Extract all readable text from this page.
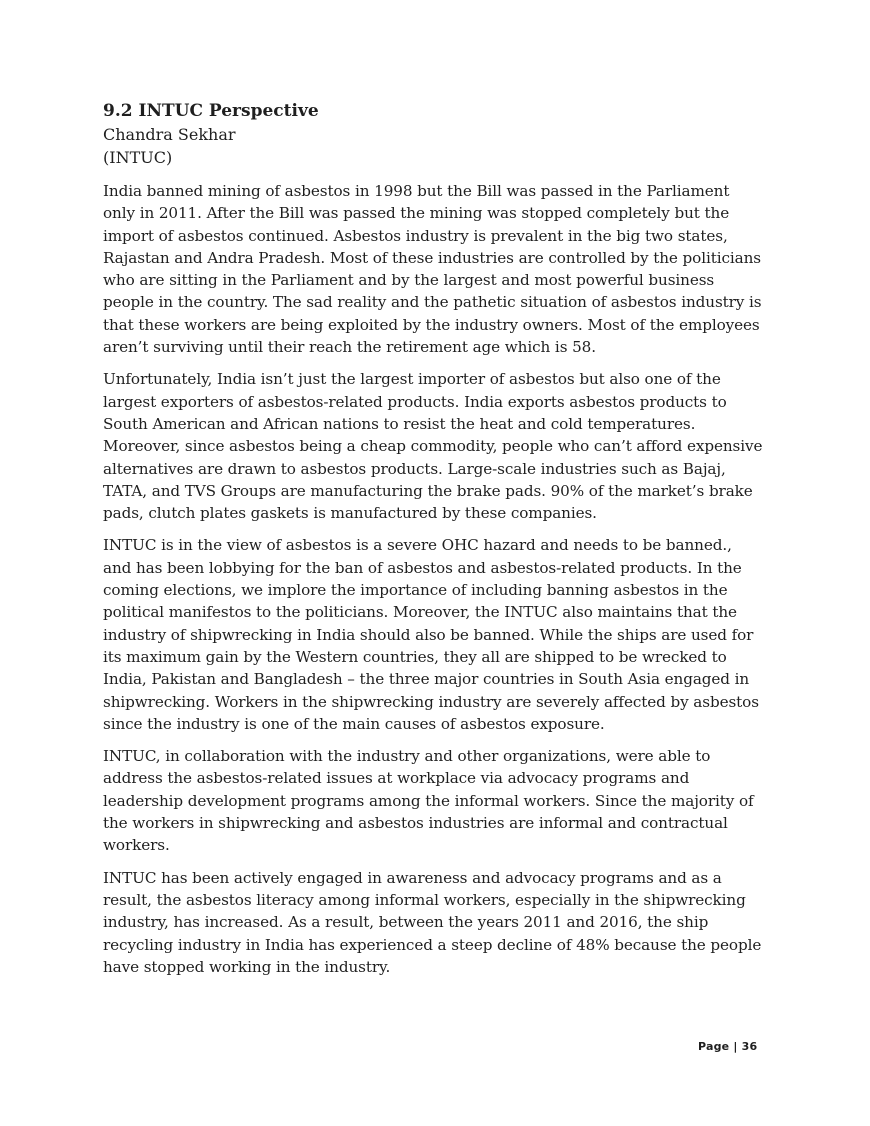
9.2 INTUC Perspective

Chandra Sekhar

(INTUC)

India banned mining of asbestos in 1998 but the Bill was passed in the Parliament only in 2011. After the Bill was passed the mining was stopped completely but the import of asbestos continued. Asbestos industry is prevalent in the big two states, Rajastan and Andra Pradesh. Most of these industries are controlled by the politicians who are sitting in the Parliament and by the largest and most powerful business people in the country. The sad reality and the pathetic situation of asbestos industry is that these workers are being exploited by the industry owners. Most of the employees aren’t surviving until their reach the retirement age which is 58.

Unfortunately, India isn’t just the largest importer of asbestos but also one of the largest exporters of asbestos-related products. India exports asbestos products to South American and African nations to resist the heat and cold temperatures. Moreover, since asbestos being a cheap commodity, people who can’t afford expensive alternatives are drawn to asbestos products. Large-scale industries such as Bajaj, TATA, and TVS Groups are manufacturing the brake pads. 90% of the market’s brake pads, clutch plates gaskets is manufactured by these companies.

INTUC is in the view of asbestos is a severe OHC hazard and needs to be banned., and has been lobbying for the ban of asbestos and asbestos-related products. In the coming elections, we implore the importance of including banning asbestos in the political manifestos to the politicians. Moreover, the INTUC also maintains that the industry of shipwrecking in India should also be banned. While the ships are used for its maximum gain by the Western countries, they all are shipped to be wrecked to India, Pakistan and Bangladesh – the three major countries in South Asia engaged in shipwrecking. Workers in the shipwrecking industry are severely affected by asbestos since the industry is one of the main causes of asbestos exposure.

INTUC, in collaboration with the industry and other organizations, were able to address the asbestos-related issues at workplace via advocacy programs and leadership development programs among the informal workers. Since the majority of the workers in shipwrecking and asbestos industries are informal and contractual workers.

INTUC has been actively engaged in awareness and advocacy programs and as a result, the asbestos literacy among informal workers, especially in the shipwrecking industry, has increased. As a result, between the years 2011 and 2016, the ship recycling industry in India has experienced a steep decline of 48% because the people have stopped working in the industry.

Page | 36
